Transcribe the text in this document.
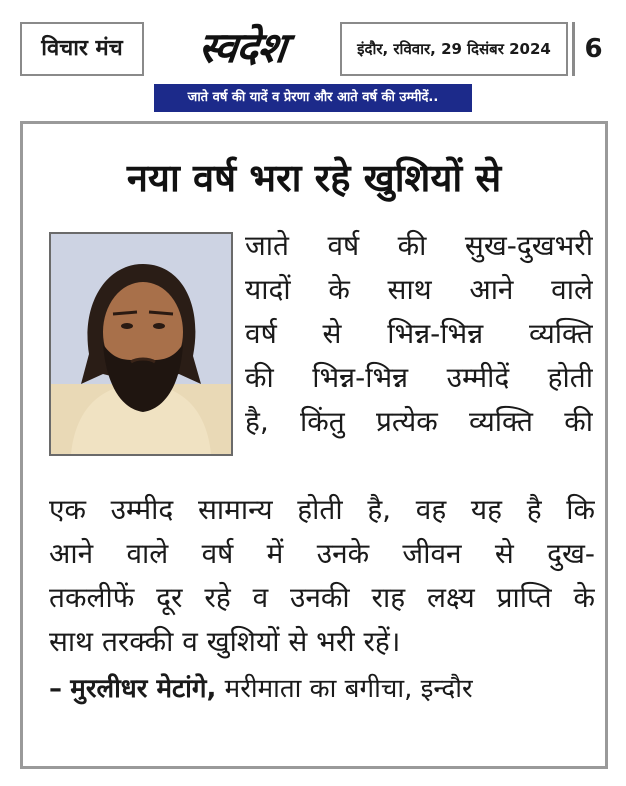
विचार मंच	स्वदेश	इंदौर, रविवार, 29 दिसंबर 2024	6
जाते वर्ष की यादें व प्रेरणा और आते वर्ष की उम्मीदें..
नया वर्ष भरा रहे खुशियों से
जाते वर्ष की सुख-दुखभरी
यादों के साथ आने वाले
वर्ष से भिन्न-भिन्न व्यक्ति
की भिन्न-भिन्न उम्मीदें होती
है, किंतु प्रत्येक व्यक्ति की
एक उम्मीद सामान्य होती है, वह यह है कि
आने वाले वर्ष में उनके जीवन से दुख-
तकलीफें दूर रहे व उनकी राह लक्ष्य प्राप्ति के
साथ तरक्की व खुशियों से भरी रहें।
– मुरलीधर मेटांगे, मरीमाता का बगीचा, इन्दौर
